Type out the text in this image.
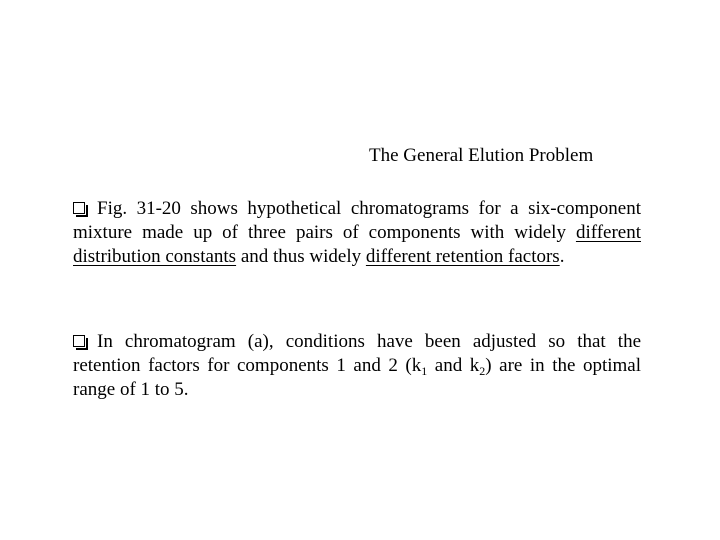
The General Elution Problem

Fig. 31-20 shows hypothetical chromatograms for a six-component mixture made up of three pairs of components with widely different distribution constants and thus widely different retention factors.

In chromatogram (a), conditions have been adjusted so that the retention factors for components 1 and 2 ($k_1$ and $k_2$) are in the optimal range of 1 to 5.
